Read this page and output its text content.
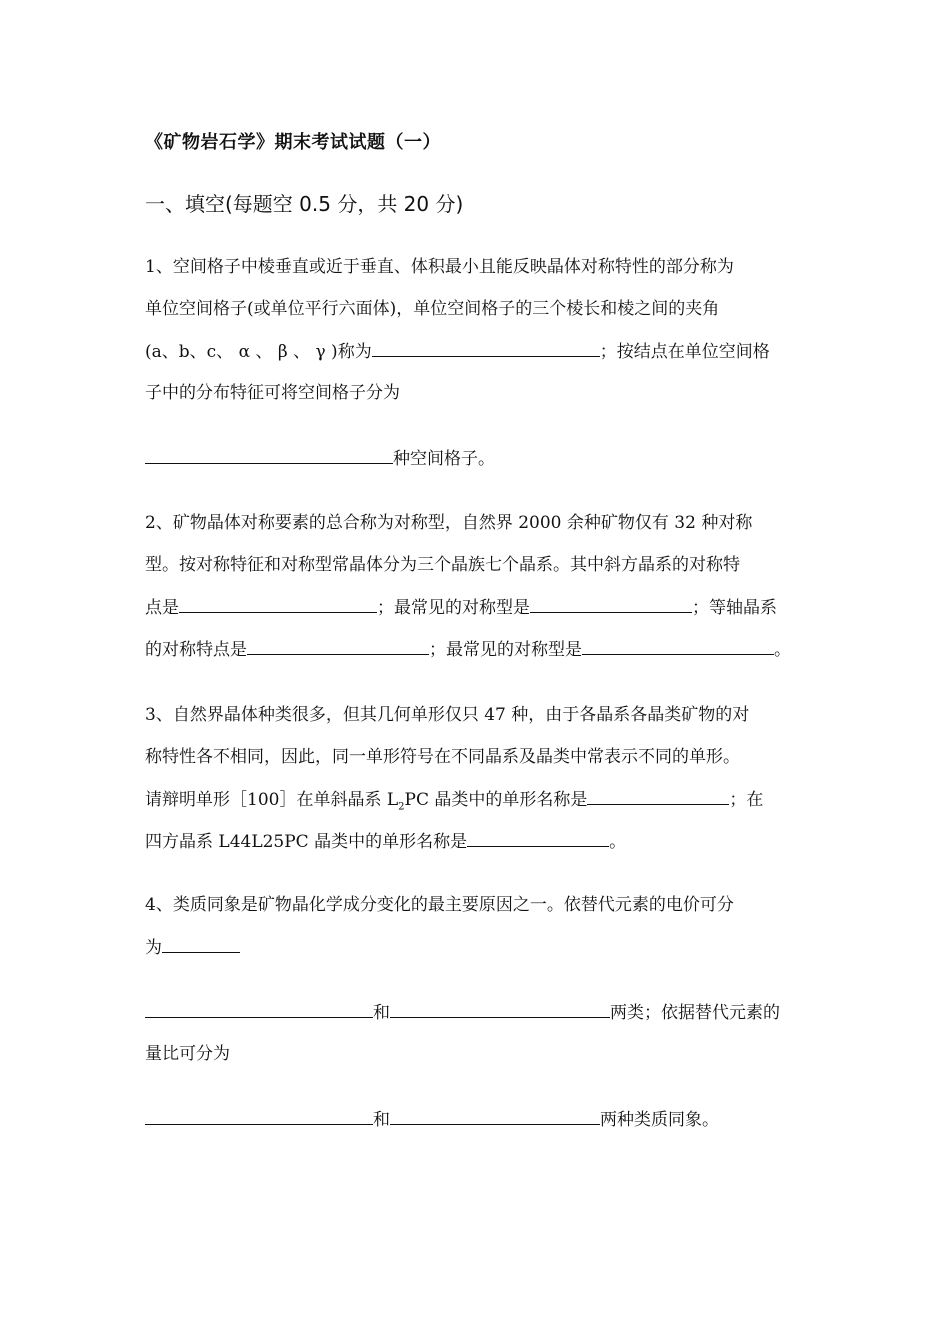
《矿物岩石学》期末考试试题（一）
一、填空(每题空 0.5 分，共 20 分)
1、空间格子中棱垂直或近于垂直、体积最小且能反映晶体对称特性的部分称为
单位空间格子(或单位平行六面体)，单位空间格子的三个棱长和棱之间的夹角
(a、b、c、 α 、 β 、 γ )称为	；按结点在单位空间格
子中的分布特征可将空间格子分为
种空间格子。
2、矿物晶体对称要素的总合称为对称型，自然界 2000 余种矿物仅有 32 种对称
型。按对称特征和对称型常晶体分为三个晶族七个晶系。其中斜方晶系的对称特
点是	；最常见的对称型是	；等轴晶系
的对称特点是	；最常见的对称型是	。
3、自然界晶体种类很多，但其几何单形仅只 47 种，由于各晶系各晶类矿物的对
称特性各不相同，因此，同一单形符号在不同晶系及晶类中常表示不同的单形。
请辩明单形［100］在单斜晶系 $L_2PC$ 晶类中的单形名称是	；在
四方晶系 L44L25PC 晶类中的单形名称是	。
4、类质同象是矿物晶化学成分变化的最主要原因之一。依替代元素的电价可分
为
和	两类；依据替代元素的
量比可分为
和	两种类质同象。
